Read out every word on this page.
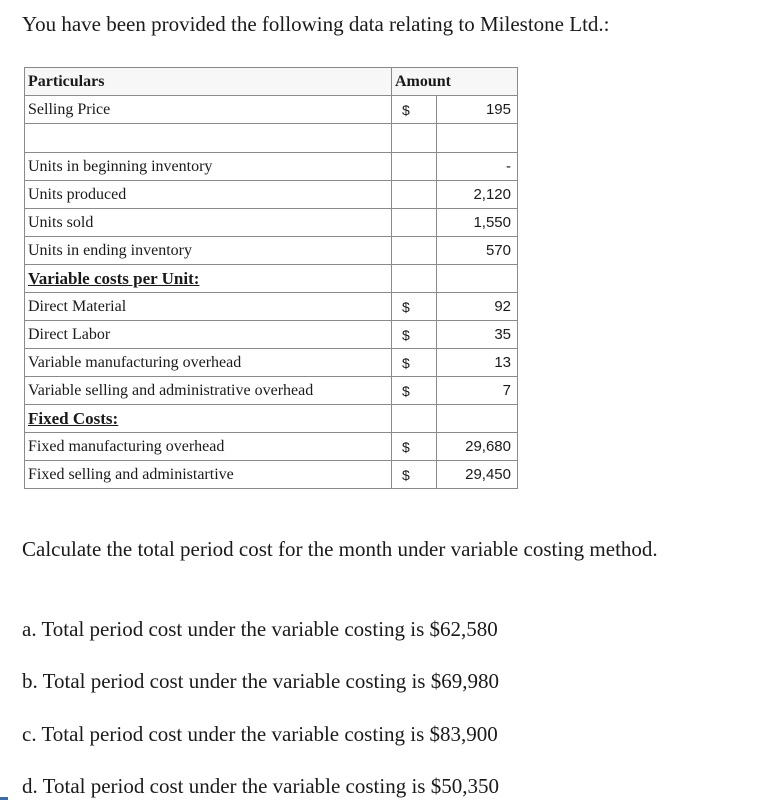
You have been provided the following data relating to Milestone Ltd.:
Particulars	Amount	
Selling Price	$	195

Units in beginning inventory		-
Units produced		2,120
Units sold		1,550
Units in ending inventory		570
Variable costs per Unit:		
Direct Material	$	92
Direct Labor	$	35
Variable manufacturing overhead	$	13
Variable selling and administrative overhead	$	7
Fixed Costs:		
Fixed manufacturing overhead	$	29,680
Fixed selling and administartive	$	29,450
Calculate the total period cost for the month under variable costing method.
a. Total period cost under the variable costing is $62,580
b. Total period cost under the variable costing is $69,980
c. Total period cost under the variable costing is $83,900
d. Total period cost under the variable costing is $50,350
